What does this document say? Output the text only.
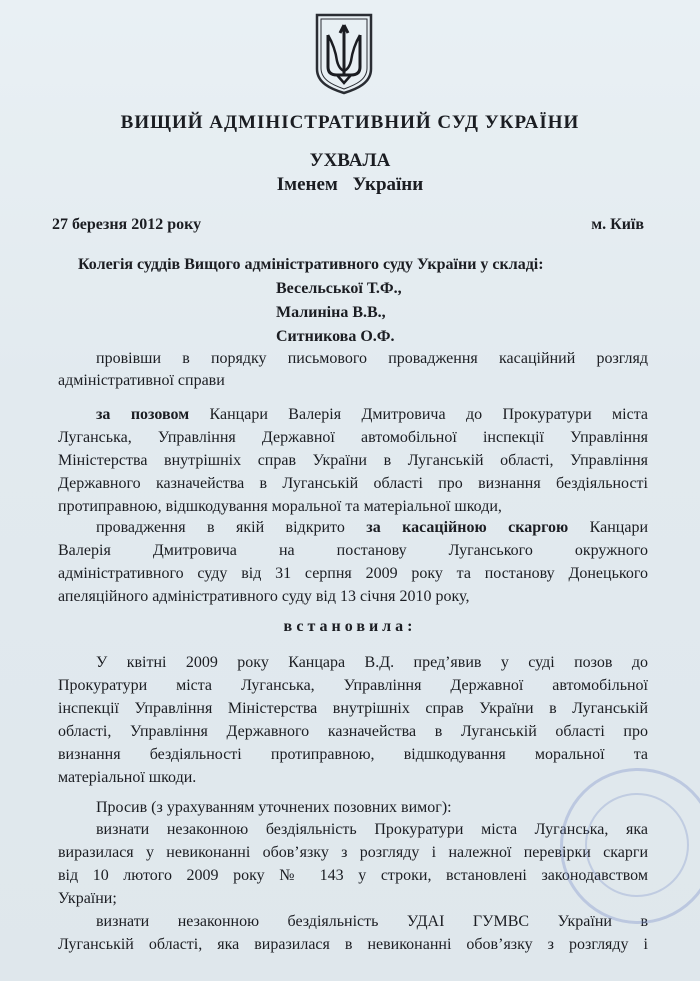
ВИЩИЙ АДМІНІСТРАТИВНИЙ СУД УКРАЇНИ
УХВАЛА
Іменем України
27 березня 2012 року	м. Київ
Колегія суддів Вищого адміністративного суду України у складі:
Весельської Т.Ф.,
Малиніна В.В.,
Ситникова О.Ф.
провівши в порядку письмового провадження касаційний розгляд
адміністративної справи
за позовом Канцари Валерія Дмитровича до Прокуратури міста
Луганська, Управління Державної автомобільної інспекції Управління
Міністерства внутрішніх справ України в Луганській області, Управління
Державного казначейства в Луганській області про визнання бездіяльності
протиправною, відшкодування моральної та матеріальної шкоди,
провадження в якій відкрито за касаційною скаргою Канцари
Валерія Дмитровича на постанову Луганського окружного
адміністративного суду від 31 серпня 2009 року та постанову Донецького
апеляційного адміністративного суду від 13 січня 2010 року,
встановила:
У квітні 2009 року Канцара В.Д. пред’явив у суді позов до
Прокуратури міста Луганська, Управління Державної автомобільної
інспекції Управління Міністерства внутрішніх справ України в Луганській
області, Управління Державного казначейства в Луганській області про
визнання бездіяльності протиправною, відшкодування моральної та
матеріальної шкоди.
Просив (з урахуванням уточнених позовних вимог):
визнати незаконною бездіяльність Прокуратури міста Луганська, яка
виразилася у невиконанні обов’язку з розгляду і належної перевірки скарги
від 10 лютого 2009 року № 143 у строки, встановлені законодавством
України;
визнати незаконною бездіяльність УДАІ ГУМВС України в
Луганській області, яка виразилася в невиконанні обов’язку з розгляду і
